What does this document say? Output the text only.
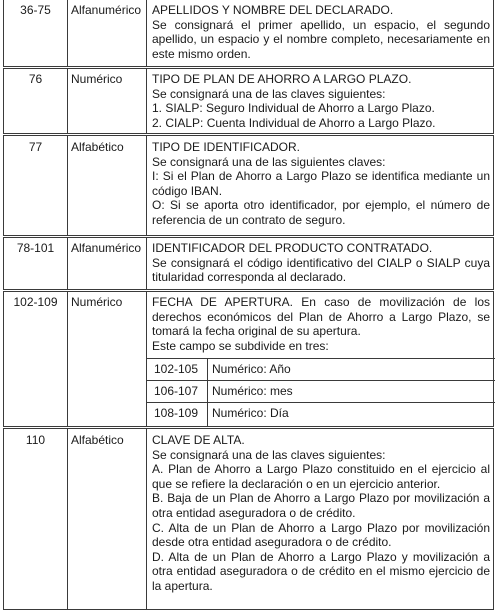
36-75	Alfanumérico APELLIDOS Y NOMBRE DEL DECLARADO.

Se consignará el primer apellido, un espacio, el segundo apellido, un espacio y el nombre completo, necesariamente en este mismo orden.

76	Numérico	TIPO DE PLAN DE AHORRO A LARGO PLAZO.

Se consignará una de las claves siguientes:

1. SIALP: Seguro Individual de Ahorro a Largo Plazo.

2. CIALP: Cuenta Individual de Ahorro a Largo Plazo.

77	Alfabético	TIPO DE IDENTIFICADOR.

Se consignará una de las siguientes claves:

I: Si el Plan de Ahorro a Largo Plazo se identifica mediante un código IBAN.

O: Si se aporta otro identificador, por ejemplo, el número de referencia de un contrato de seguro.

78-101	Alfanumérico IDENTIFICADOR DEL PRODUCTO CONTRATADO.

Se consignará el código identificativo del CIALP o SIALP cuya titularidad corresponda al declarado.

102-109	Numérico	FECHA DE APERTURA. En caso de movilización de los derechos económicos del Plan de Ahorro a Largo Plazo, se tomará la fecha original de su apertura.

Este campo se subdivide en tres:

102-105	Numérico: Año
106-107	Numérico: mes
108-109	Numérico: Día
110	Alfabético	CLAVE DE ALTA.

Se consignará una de las claves siguientes:

A. Plan de Ahorro a Largo Plazo constituido en el ejercicio al que se refiere la declaración o en un ejercicio anterior.

B. Baja de un Plan de Ahorro a Largo Plazo por movilización a otra entidad aseguradora o de crédito.

C. Alta de un Plan de Ahorro a Largo Plazo por movilización desde otra entidad aseguradora o de crédito.

D. Alta de un Plan de Ahorro a Largo Plazo y movilización a otra entidad aseguradora o de crédito en el mismo ejercicio de la apertura.
